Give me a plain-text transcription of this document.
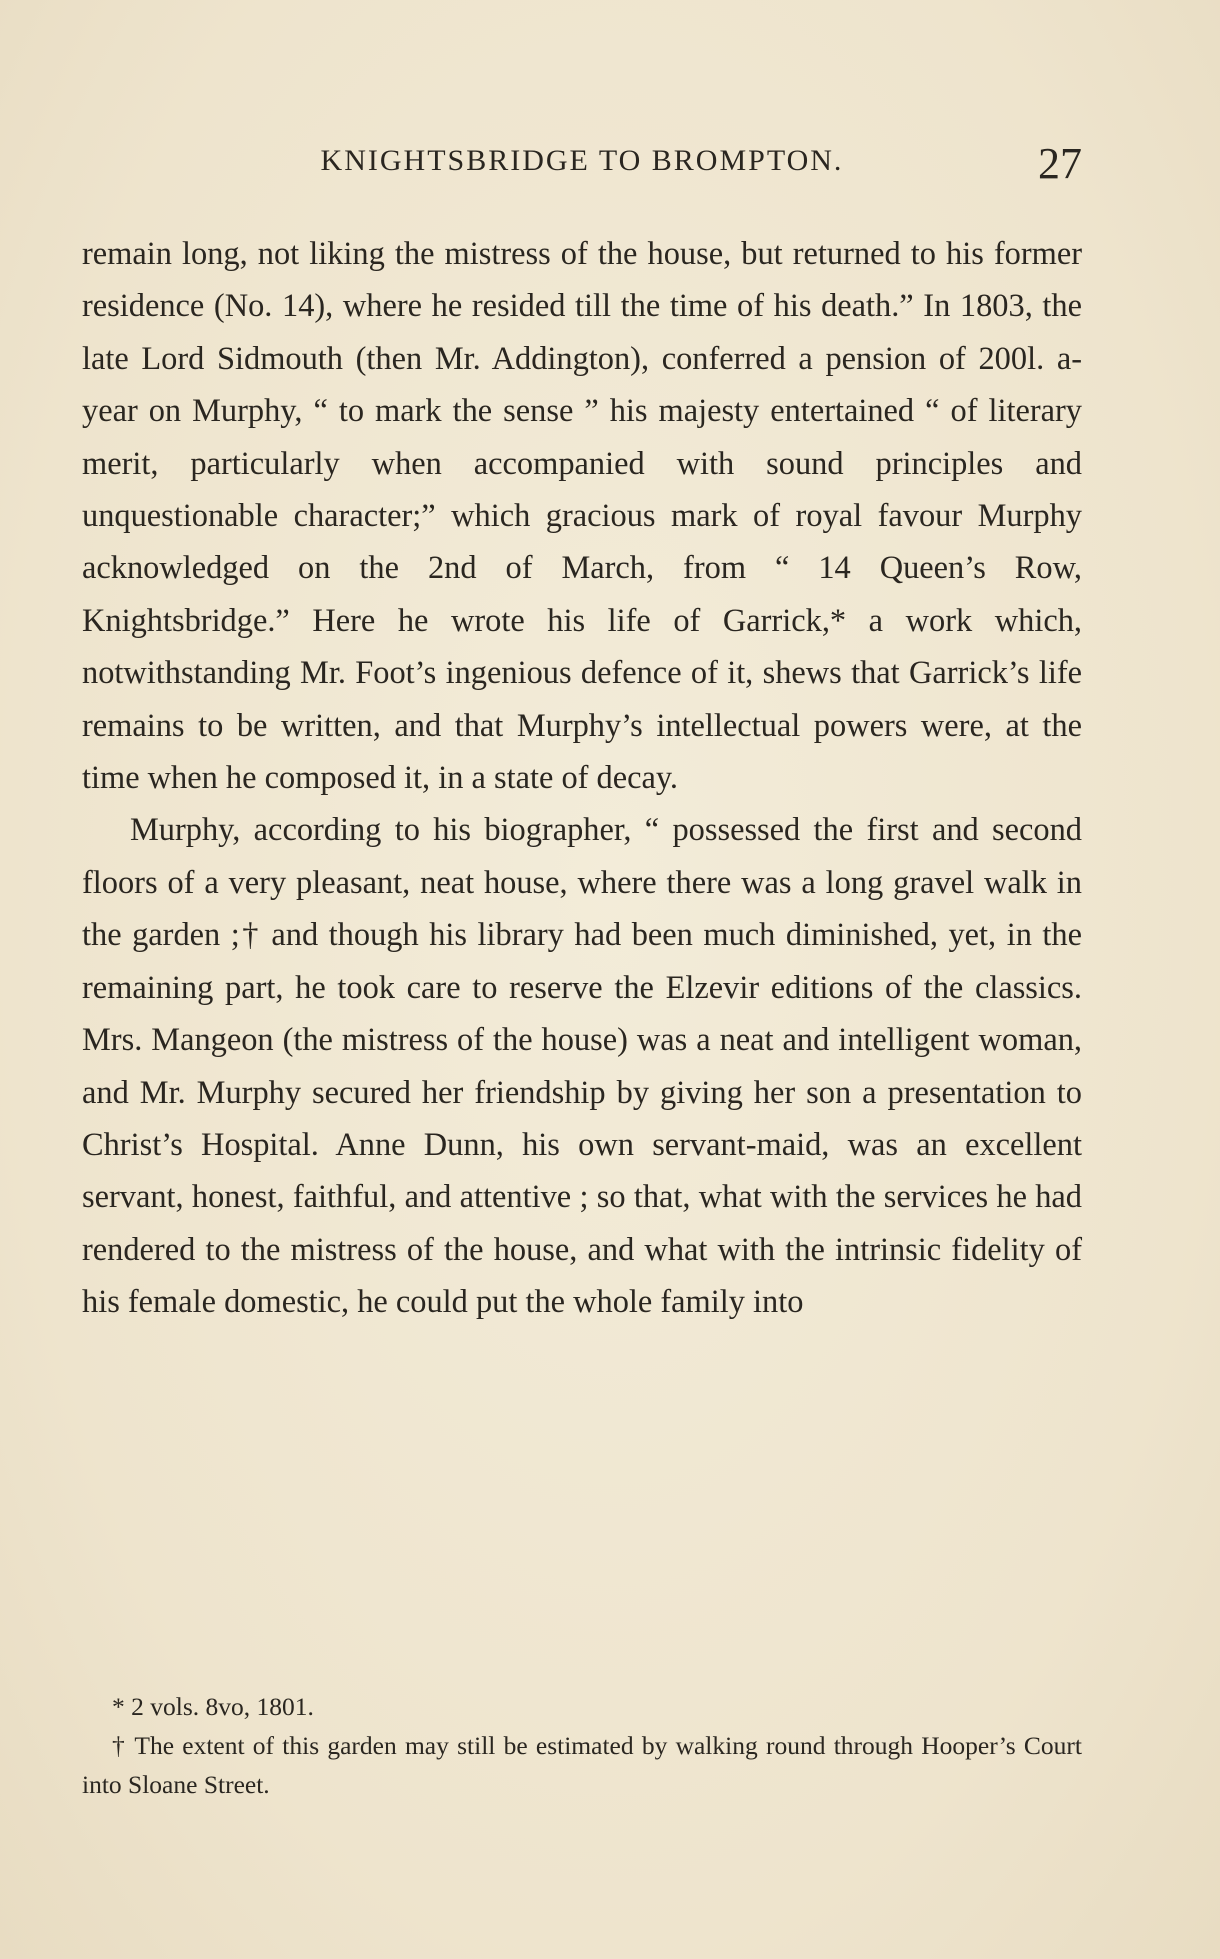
KNIGHTSBRIDGE TO BROMPTON.	27

remain long, not liking the mistress of the house, but returned to his former residence (No. 14), where he resided till the time of his death.” In 1803, the late Lord Sidmouth (then Mr. Addington), conferred a pension of 200l. a-year on Murphy, “ to mark the sense ” his majesty entertained “ of literary merit, particularly when accompanied with sound principles and unquestionable character;” which gracious mark of royal favour Murphy acknowledged on the 2nd of March, from “ 14 Queen’s Row, Knightsbridge.” Here he wrote his life of Garrick,* a work which, notwithstanding Mr. Foot’s ingenious defence of it, shews that Garrick’s life remains to be written, and that Murphy’s intellectual powers were, at the time when he composed it, in a state of decay.

Murphy, according to his biographer, “ possessed the first and second floors of a very pleasant, neat house, where there was a long gravel walk in the garden ;† and though his library had been much diminished, yet, in the remaining part, he took care to reserve the Elzevir editions of the classics. Mrs. Mangeon (the mistress of the house) was a neat and intelligent woman, and Mr. Murphy secured her friendship by giving her son a presentation to Christ’s Hospital. Anne Dunn, his own servant-maid, was an excellent servant, honest, faithful, and attentive ; so that, what with the services he had rendered to the mistress of the house, and what with the intrinsic fidelity of his female domestic, he could put the whole family into

* 2 vols. 8vo, 1801.

† The extent of this garden may still be estimated by walking round through Hooper’s Court into Sloane Street.
